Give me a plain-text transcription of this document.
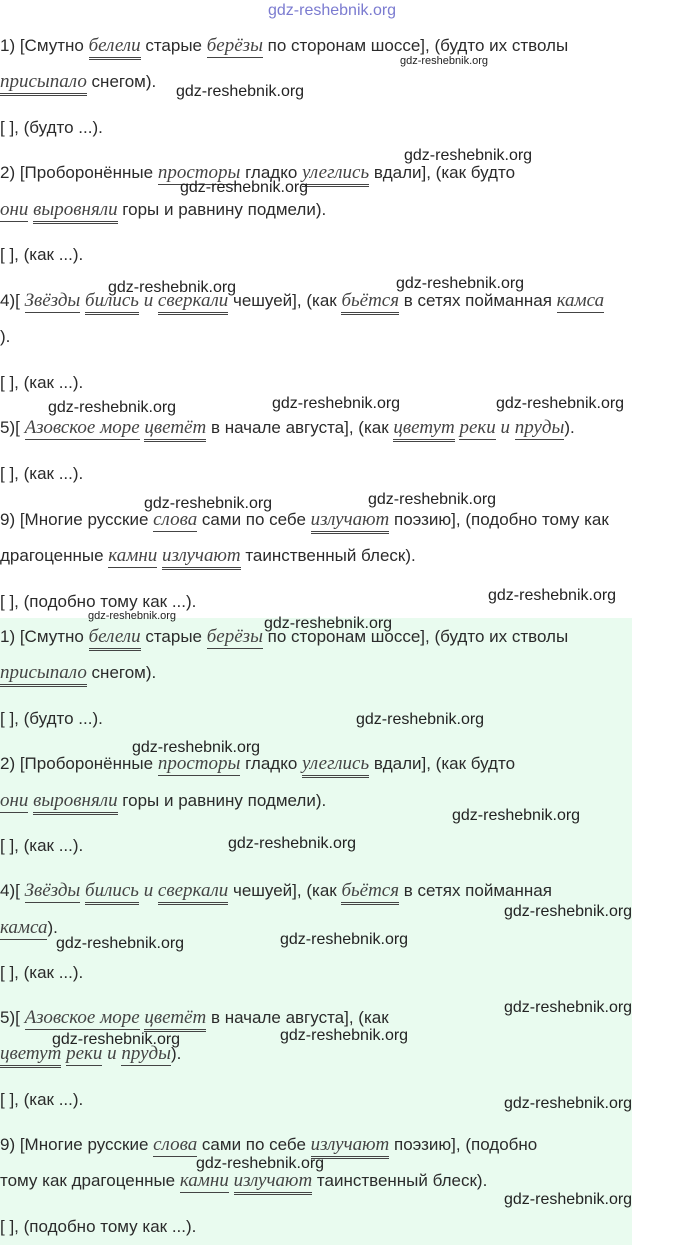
gdz-reshebnik.org
1) [Смутно белели старые берёзы по сторонам шоссе], (будто их стволы
присыпало снегом).
[ ], (будто ...).
2) [Проборонённые просторы гладко улеглись вдали], (как будто
они выровняли горы и равнину подмели).
[ ], (как ...).
4)[ Звёзды бились и сверкали чешуей], (как бьётся в сетях пойманная камса
).
[ ], (как ...).
5)[ Азовское море цветёт в начале августа], (как цветут реки и пруды).
[ ], (как ...).
9) [Многие русские слова сами по себе излучают поэзию], (подобно тому как
драгоценные камни излучают таинственный блеск).
[ ], (подобно тому как ...).
1) [Смутно белели старые берёзы по сторонам шоссе], (будто их стволы
присыпало снегом).
[ ], (будто ...).
2) [Проборонённые просторы гладко улеглись вдали], (как будто
они выровняли горы и равнину подмели).
[ ], (как ...).
4)[ Звёзды бились и сверкали чешуей], (как бьётся в сетях пойманная
камса).
[ ], (как ...).
5)[ Азовское море цветёт в начале августа], (как
цветут реки и пруды).
[ ], (как ...).
9) [Многие русские слова сами по себе излучают поэзию], (подобно
тому как драгоценные камни излучают таинственный блеск).
[ ], (подобно тому как ...).
gdz-reshebnik.org
gdz-reshebnik.org
gdz-reshebnik.org
gdz-reshebnik.org
gdz-reshebnik.org	gdz-reshebnik.org
gdz-reshebnik.org	gdz-reshebnik.org	gdz-reshebnik.org
gdz-reshebnik.org	gdz-reshebnik.org
gdz-reshebnik.org
gdz-reshebnik.org	gdz-reshebnik.org
gdz-reshebnik.org
gdz-reshebnik.org
gdz-reshebnik.org
gdz-reshebnik.org
gdz-reshebnik.org
gdz-reshebnik.org	gdz-reshebnik.org
gdz-reshebnik.org
gdz-reshebnik.org	gdz-reshebnik.org
gdz-reshebnik.org
gdz-reshebnik.org
gdz-reshebnik.org
